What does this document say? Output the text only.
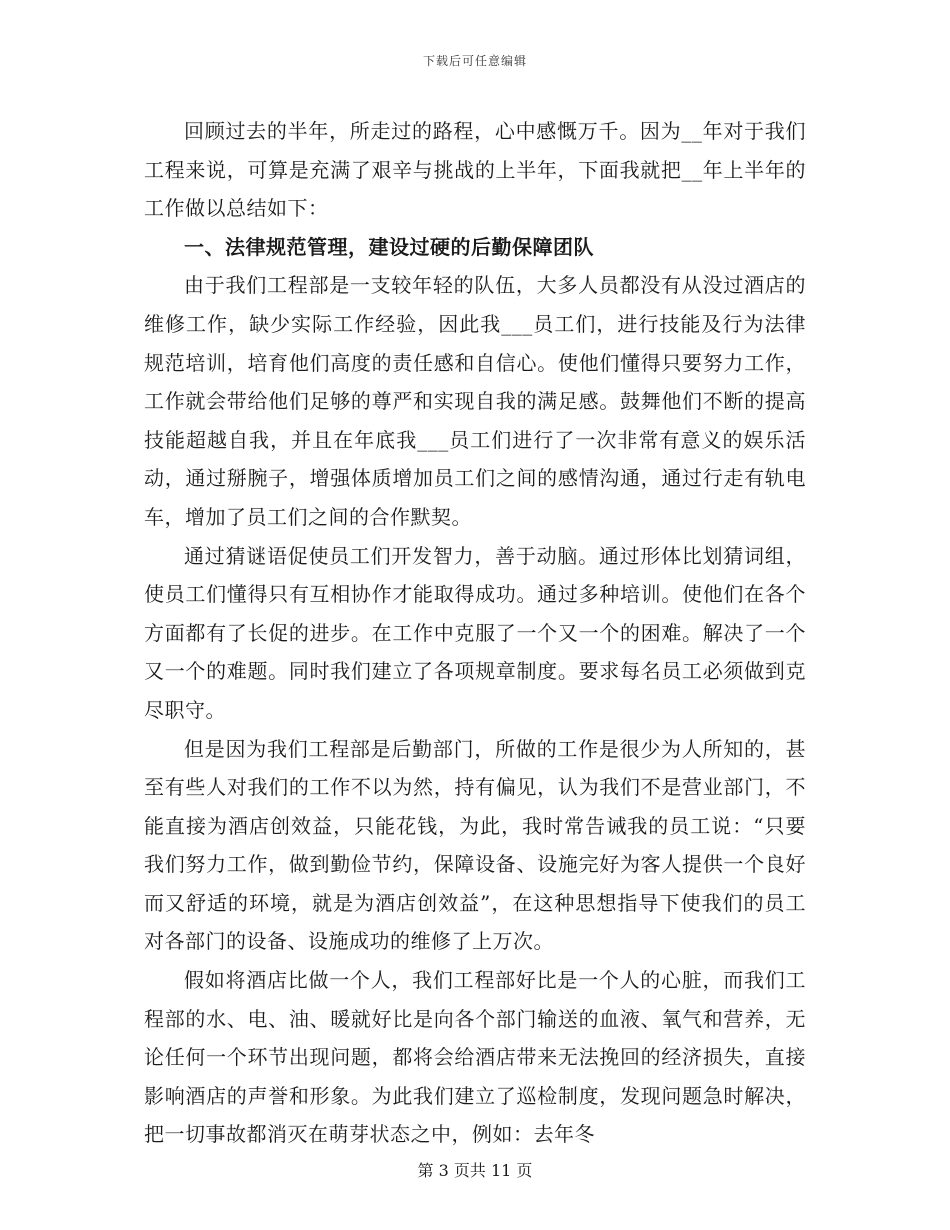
下载后可任意编辑

回顾过去的半年，所走过的路程，心中感慨万千。因为__年对于我们工程来说，可算是充满了艰辛与挑战的上半年，下面我就把__年上半年的工作做以总结如下：

一、法律规范管理，建设过硬的后勤保障团队

由于我们工程部是一支较年轻的队伍，大多人员都没有从没过酒店的维修工作，缺少实际工作经验，因此我___员工们，进行技能及行为法律规范培训，培育他们高度的责任感和自信心。使他们懂得只要努力工作，工作就会带给他们足够的尊严和实现自我的满足感。鼓舞他们不断的提高技能超越自我，并且在年底我___员工们进行了一次非常有意义的娱乐活动，通过掰腕子，增强体质增加员工们之间的感情沟通，通过行走有轨电车，增加了员工们之间的合作默契。

通过猜谜语促使员工们开发智力，善于动脑。通过形体比划猜词组，使员工们懂得只有互相协作才能取得成功。通过多种培训。使他们在各个方面都有了长促的进步。在工作中克服了一个又一个的困难。解决了一个又一个的难题。同时我们建立了各项规章制度。要求每名员工必须做到克尽职守。

但是因为我们工程部是后勤部门，所做的工作是很少为人所知的，甚至有些人对我们的工作不以为然，持有偏见，认为我们不是营业部门，不能直接为酒店创效益，只能花钱，为此，我时常告诫我的员工说：“只要我们努力工作，做到勤俭节约，保障设备、设施完好为客人提供一个良好而又舒适的环境，就是为酒店创效益”，在这种思想指导下使我们的员工对各部门的设备、设施成功的维修了上万次。

假如将酒店比做一个人，我们工程部好比是一个人的心脏，而我们工程部的水、电、油、暖就好比是向各个部门输送的血液、氧气和营养，无论任何一个环节出现问题，都将会给酒店带来无法挽回的经济损失，直接影响酒店的声誉和形象。为此我们建立了巡检制度，发现问题急时解决，把一切事故都消灭在萌芽状态之中，例如：去年冬

第 3 页共 11 页
